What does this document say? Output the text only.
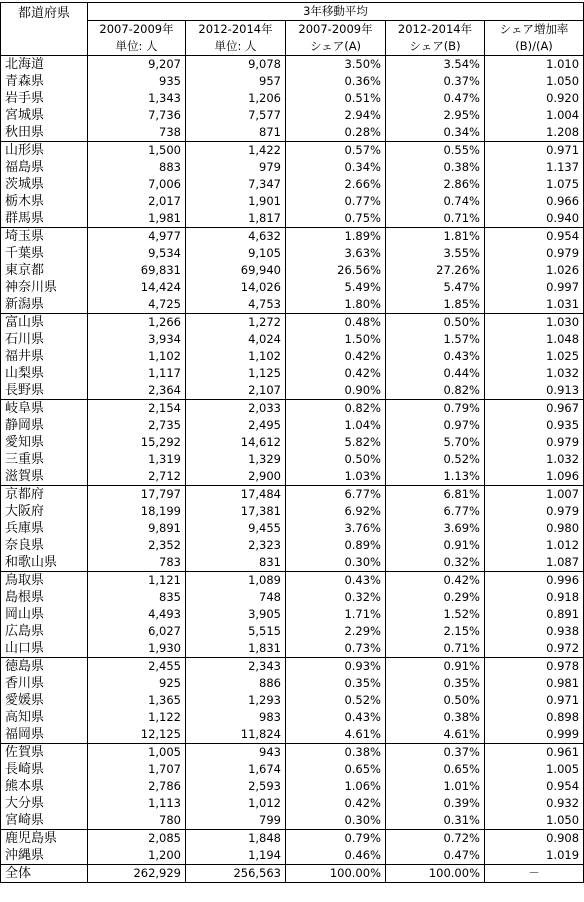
都道府県	3年移動平均				
	2007-2009年	2012-2014年	2007-2009年	2012-2014年	シェア増加率
	単位: 人	単位: 人	シェア(A)	シェア(B)	(B)/(A)
北海道	9,207	9,078	3.50%	3.54%	1.010
青森県	935	957	0.36%	0.37%	1.050
岩手県	1,343	1,206	0.51%	0.47%	0.920
宮城県	7,736	7,577	2.94%	2.95%	1.004
秋田県	738	871	0.28%	0.34%	1.208
山形県	1,500	1,422	0.57%	0.55%	0.971
福島県	883	979	0.34%	0.38%	1.137
茨城県	7,006	7,347	2.66%	2.86%	1.075
栃木県	2,017	1,901	0.77%	0.74%	0.966
群馬県	1,981	1,817	0.75%	0.71%	0.940
埼玉県	4,977	4,632	1.89%	1.81%	0.954
千葉県	9,534	9,105	3.63%	3.55%	0.979
東京都	69,831	69,940	26.56%	27.26%	1.026
神奈川県	14,424	14,026	5.49%	5.47%	0.997
新潟県	4,725	4,753	1.80%	1.85%	1.031
富山県	1,266	1,272	0.48%	0.50%	1.030
石川県	3,934	4,024	1.50%	1.57%	1.048
福井県	1,102	1,102	0.42%	0.43%	1.025
山梨県	1,117	1,125	0.42%	0.44%	1.032
長野県	2,364	2,107	0.90%	0.82%	0.913
岐阜県	2,154	2,033	0.82%	0.79%	0.967
静岡県	2,735	2,495	1.04%	0.97%	0.935
愛知県	15,292	14,612	5.82%	5.70%	0.979
三重県	1,319	1,329	0.50%	0.52%	1.032
滋賀県	2,712	2,900	1.03%	1.13%	1.096
京都府	17,797	17,484	6.77%	6.81%	1.007
大阪府	18,199	17,381	6.92%	6.77%	0.979
兵庫県	9,891	9,455	3.76%	3.69%	0.980
奈良県	2,352	2,323	0.89%	0.91%	1.012
和歌山県	783	831	0.30%	0.32%	1.087
鳥取県	1,121	1,089	0.43%	0.42%	0.996
島根県	835	748	0.32%	0.29%	0.918
岡山県	4,493	3,905	1.71%	1.52%	0.891
広島県	6,027	5,515	2.29%	2.15%	0.938
山口県	1,930	1,831	0.73%	0.71%	0.972
徳島県	2,455	2,343	0.93%	0.91%	0.978
香川県	925	886	0.35%	0.35%	0.981
愛媛県	1,365	1,293	0.52%	0.50%	0.971
高知県	1,122	983	0.43%	0.38%	0.898
福岡県	12,125	11,824	4.61%	4.61%	0.999
佐賀県	1,005	943	0.38%	0.37%	0.961
長崎県	1,707	1,674	0.65%	0.65%	1.005
熊本県	2,786	2,593	1.06%	1.01%	0.954
大分県	1,113	1,012	0.42%	0.39%	0.932
宮崎県	780	799	0.30%	0.31%	1.050
鹿児島県	2,085	1,848	0.79%	0.72%	0.908
沖縄県	1,200	1,194	0.46%	0.47%	1.019
全体	262,929	256,563	100.00%	100.00%	－
